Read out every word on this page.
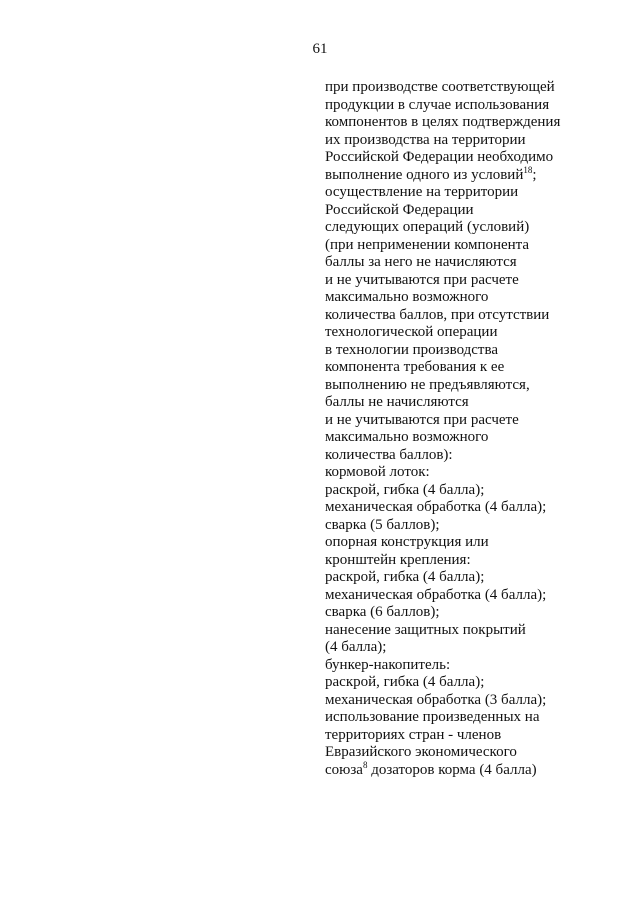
61
при производстве соответствующей
продукции в случае использования
компонентов в целях подтверждения
их производства на территории
Российской Федерации необходимо
выполнение одного из условий$^{18}$;
осуществление на территории
Российской Федерации
следующих операций (условий)
(при неприменении компонента
баллы за него не начисляются
и не учитываются при расчете
максимально возможного
количества баллов, при отсутствии
технологической операции
в технологии производства
компонента требования к ее
выполнению не предъявляются,
баллы не начисляются
и не учитываются при расчете
максимально возможного
количества баллов):
кормовой лоток:
раскрой, гибка (4 балла);
механическая обработка (4 балла);
сварка (5 баллов);
опорная конструкция или
кронштейн крепления:
раскрой, гибка (4 балла);
механическая обработка (4 балла);
сварка (6 баллов);
нанесение защитных покрытий
(4 балла);
бункер-накопитель:
раскрой, гибка (4 балла);
механическая обработка (3 балла);
использование произведенных на
территориях стран - членов
Евразийского экономического
союза$^8$ дозаторов корма (4 балла)
